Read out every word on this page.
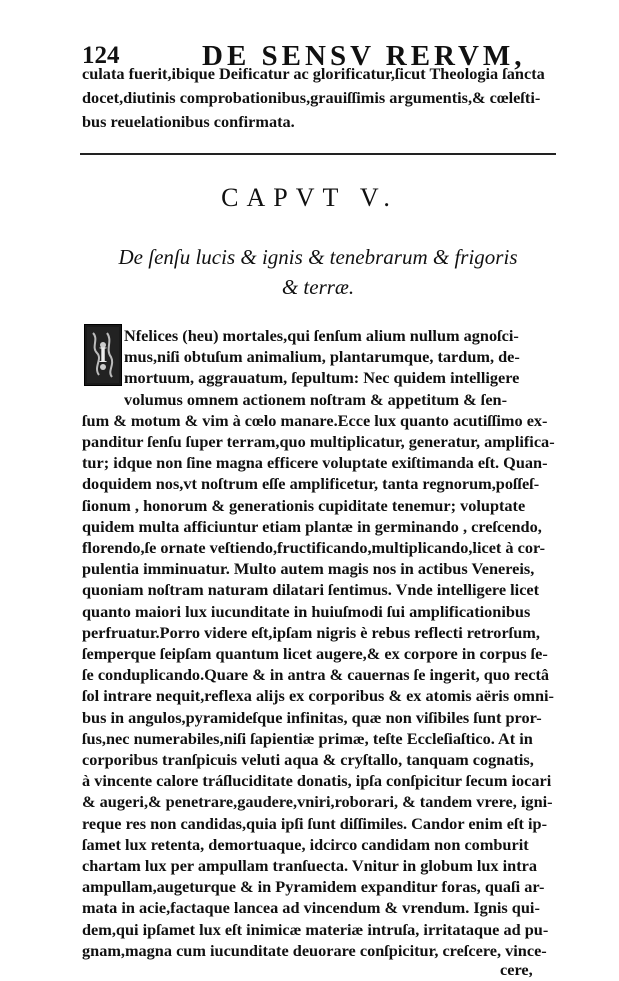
124	DE SENSV RERVM,
culata fuerit,ibique Deificatur ac glorificatur,ſicut Theologia ſancta
docet,diutinis comprobationibus,grauiſſimis argumentis,& cœleſti-
bus reuelationibus confirmata.
CAPVT V.
De ſenſu lucis & ignis & tenebrarum & frigoris
& terræ.
I
Nfelices (heu) mortales,qui ſenſum alium nullum agnoſci-
mus,niſi obtuſum animalium, plantarumque, tardum, de-
mortuum, aggrauatum, ſepultum: Nec quidem intelligere
volumus omnem actionem noſtram & appetitum & ſen-
ſum & motum & vim à cœlo manare.Ecce lux quanto acutiſſimo ex-
panditur ſenſu ſuper terram,quo multiplicatur, generatur, amplifica-
tur; idque non ſine magna efficere voluptate exiſtimanda eſt. Quan-
doquidem nos,vt noſtrum eſſe amplificetur, tanta regnorum,poſſeſ-
ſionum , honorum & generationis cupiditate tenemur; voluptate
quidem multa afficiuntur etiam plantæ in germinando , creſcendo,
florendo,ſe ornate veſtiendo,fructificando,multiplicando,licet à cor-
pulentia imminuatur. Multo autem magis nos in actibus Venereis,
quoniam noſtram naturam dilatari ſentimus. Vnde intelligere licet
quanto maiori lux iucunditate in huiuſmodi ſui amplificationibus
perfruatur.Porro videre eſt,ipſam nigris è rebus reflecti retrorſum,
ſemperque ſeipſam quantum licet augere,& ex corpore in corpus ſe-
ſe conduplicando.Quare & in antra & cauernas ſe ingerit, quo rectâ
ſol intrare nequit,reflexa alijs ex corporibus & ex atomis aëris omni-
bus in angulos,pyramideſque infinitas, quæ non viſibiles ſunt pror-
ſus,nec numerabiles,niſi ſapientiæ primæ, teſte Eccleſiaſtico. At in
corporibus tranſpicuis veluti aqua & cryſtallo, tanquam cognatis,
à vincente calore tráſluciditate donatis, ipſa conſpicitur ſecum iocari
& augeri,& penetrare,gaudere,vniri,roborari, & tandem vrere, igni-
reque res non candidas,quia ipſi ſunt diſſimiles. Candor enim eſt ip-
ſamet lux retenta, demortuaque, idcirco candidam non comburit
chartam lux per ampullam tranſuecta. Vnitur in globum lux intra
ampullam,augeturque & in Pyramidem expanditur foras, quaſi ar-
mata in acie,factaque lancea ad vincendum & vrendum. Ignis qui-
dem,qui ipſamet lux eſt inimicæ materiæ intruſa, irritataque ad pu-
gnam,magna cum iucunditate deuorare conſpicitur, creſcere, vince-
cere,
